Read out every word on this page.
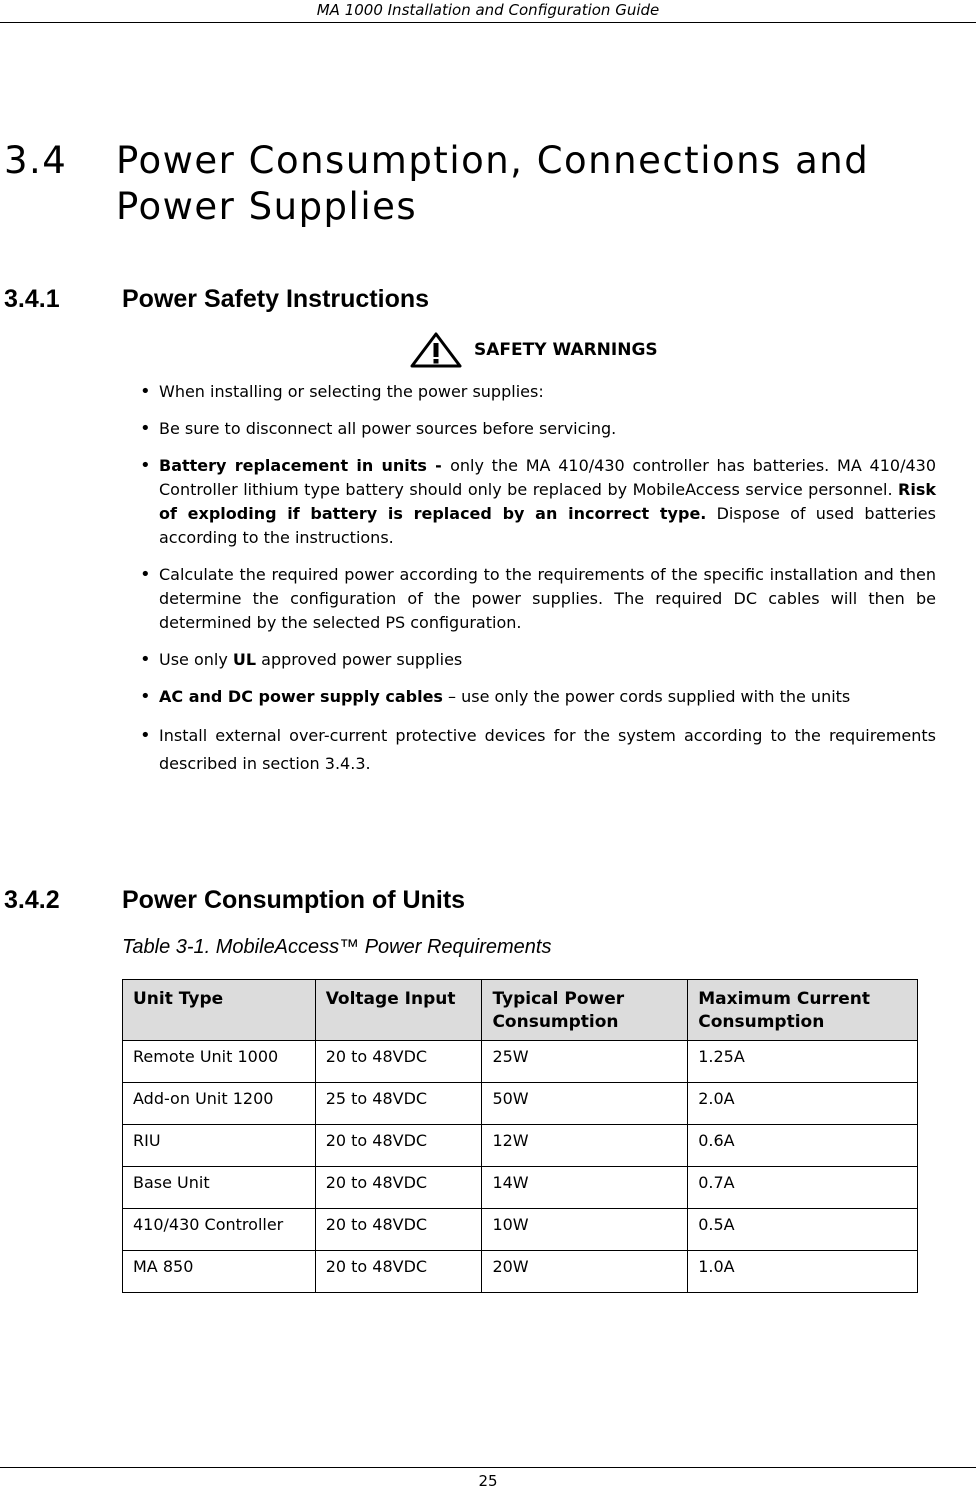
MA 1000 Installation and Configuration Guide
3.4 Power Consumption, Connections and
Power Supplies
3.4.1 Power Safety Instructions
SAFETY WARNINGS
• When installing or selecting the power supplies:
• Be sure to disconnect all power sources before servicing.
• Battery replacement in units - only the MA 410/430 controller has batteries. MA 410/430 Controller lithium type battery should only be replaced by MobileAccess service personnel. Risk of exploding if battery is replaced by an incorrect type. Dispose of used batteries according to the instructions.
• Calculate the required power according to the requirements of the specific installation and then determine the configuration of the power supplies. The required DC cables will then be determined by the selected PS configuration.
• Use only UL approved power supplies
• AC and DC power supply cables – use only the power cords supplied with the units
• Install external over-current protective devices for the system according to the requirements described in section 3.4.3.
3.4.2 Power Consumption of Units
Table 3-1. MobileAccess™ Power Requirements
Unit Type	Voltage Input	Typical Power Consumption	Maximum Current Consumption
Remote Unit 1000	20 to 48VDC	25W	1.25A
Add-on Unit 1200	25 to 48VDC	50W	2.0A
RIU	20 to 48VDC	12W	0.6A
Base Unit	20 to 48VDC	14W	0.7A
410/430 Controller	20 to 48VDC	10W	0.5A
MA 850	20 to 48VDC	20W	1.0A
25
